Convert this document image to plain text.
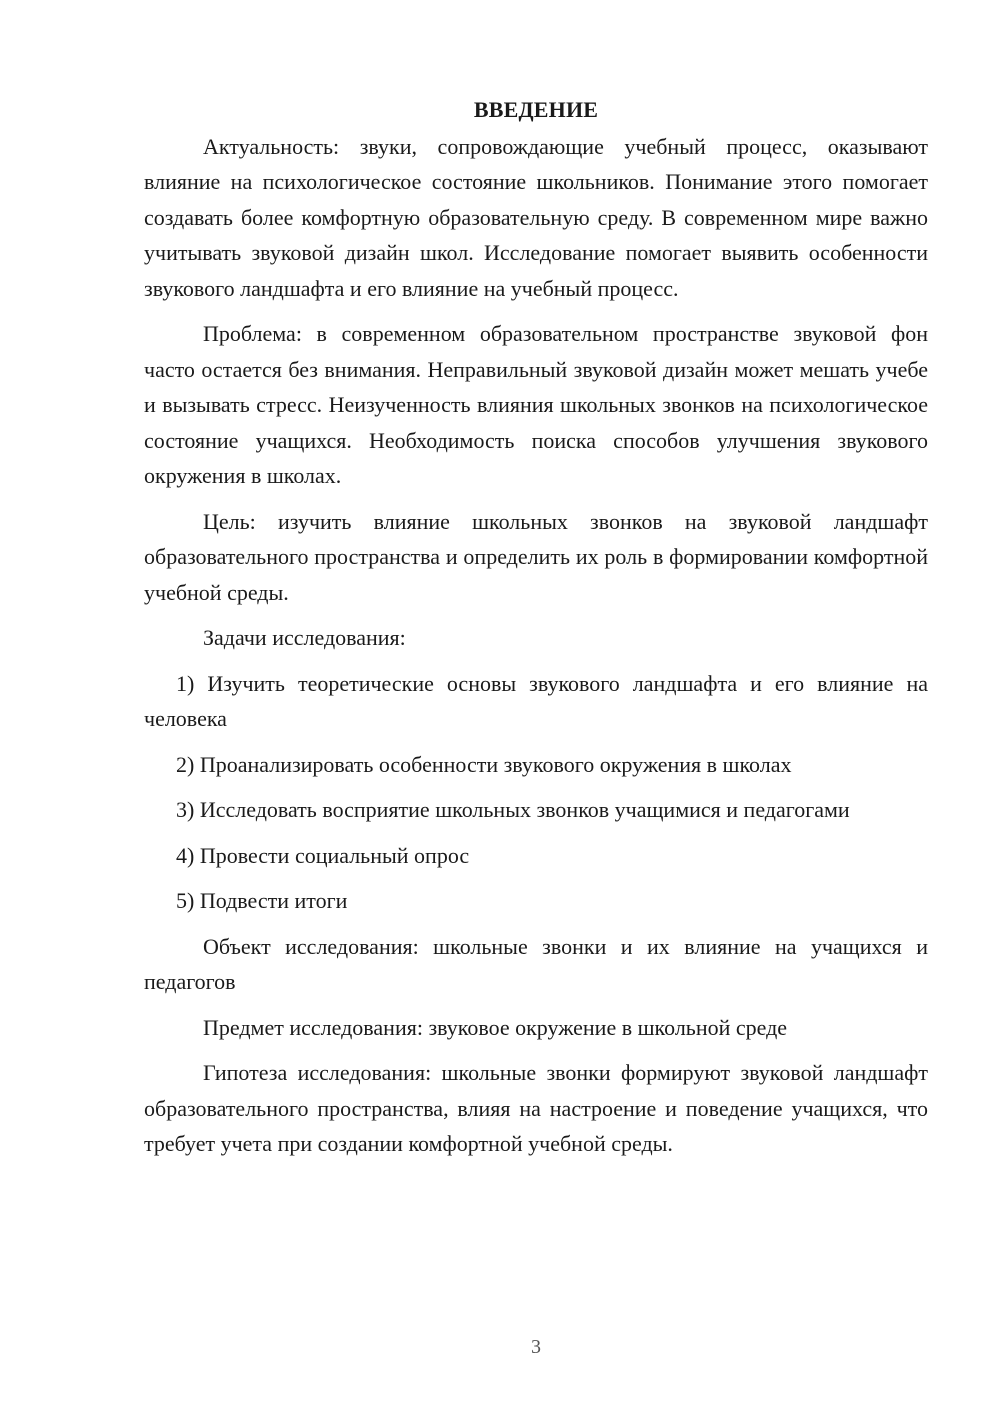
ВВЕДЕНИЕ

Актуальность: звуки, сопровождающие учебный процесс, оказывают влияние на психологическое состояние школьников. Понимание этого помогает создавать более комфортную образовательную среду. В современном мире важно учитывать звуковой дизайн школ. Исследование помогает выявить особенности звукового ландшафта и его влияние на учебный процесс.

Проблема: в современном образовательном пространстве звуковой фон часто остается без внимания. Неправильный звуковой дизайн может мешать учебе и вызывать стресс. Неизученность влияния школьных звонков на психологическое состояние учащихся. Необходимость поиска способов улучшения звукового окружения в школах.

Цель: изучить влияние школьных звонков на звуковой ландшафт образовательного пространства и определить их роль в формировании комфортной учебной среды.

Задачи исследования:

1) Изучить теоретические основы звукового ландшафта и его влияние на человека

2) Проанализировать особенности звукового окружения в школах

3) Исследовать восприятие школьных звонков учащимися и педагогами

4) Провести социальный опрос

5) Подвести итоги

Объект исследования: школьные звонки и их влияние на учащихся и педагогов

Предмет исследования: звуковое окружение в школьной среде

Гипотеза исследования: школьные звонки формируют звуковой ландшафт образовательного пространства, влияя на настроение и поведение учащихся, что требует учета при создании комфортной учебной среды.

3
